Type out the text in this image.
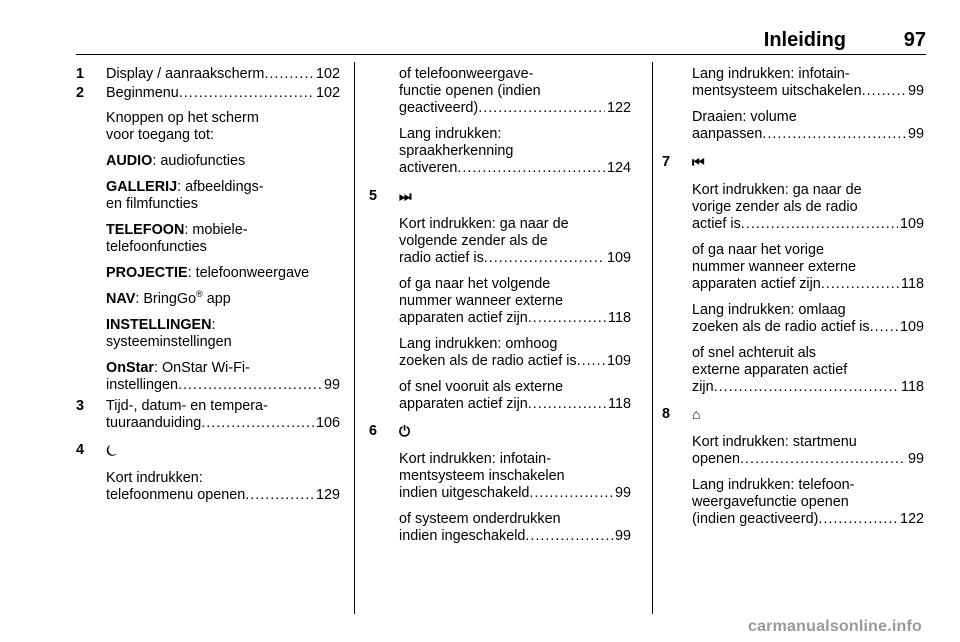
Inleiding	97
1 Display / aanraakscherm . . .	102
2 Beginmenu . . .	102
Knoppen op het scherm
voor toegang tot:
AUDIO: audiofuncties
GALLERIJ: afbeeldings-
en filmfuncties
TELEFOON: mobiele-
telefoonfuncties
PROJECTIE: telefoonweergave
NAV: BringGo® app
INSTELLINGEN:
systeeminstellingen
OnStar: OnStar Wi-Fi-
instellingen . . .	99
3 Tijd-, datum- en tempera-
tuuraanduiding . . .	106
4 ⏾
Kort indrukken:
telefoonmenu openen . . .	129
of telefoonweergave-
functie openen (indien
geactiveerd) . . .	122
Lang indrukken:
spraakherkenning
activeren . . .	124
5 ⏭
Kort indrukken: ga naar de
volgende zender als de
radio actief is . . .	109
of ga naar het volgende
nummer wanneer externe
apparaten actief zijn . . .	118
Lang indrukken: omhoog
zoeken als de radio actief is . . . 109
of snel vooruit als externe
apparaten actief zijn . . .	118
6 ⏻
Kort indrukken: infotain-
mentsysteem inschakelen
indien uitgeschakeld . . .	99
of systeem onderdrukken
indien ingeschakeld . . .	99
Lang indrukken: infotain-
mentsysteem uitschakelen . . .	99
Draaien: volume
aanpassen . . .	99
7 ⏮
Kort indrukken: ga naar de
vorige zender als de radio
actief is . . .	109
of ga naar het vorige
nummer wanneer externe
apparaten actief zijn . . .	118
Lang indrukken: omlaag
zoeken als de radio actief is . . . 109
of snel achteruit als
externe apparaten actief
zijn . . .	118
8 ⌂
Kort indrukken: startmenu
openen . . .	99
Lang indrukken: telefoon-
weergavefunctie openen
(indien geactiveerd) . . .	122
carmanualsonline.info
